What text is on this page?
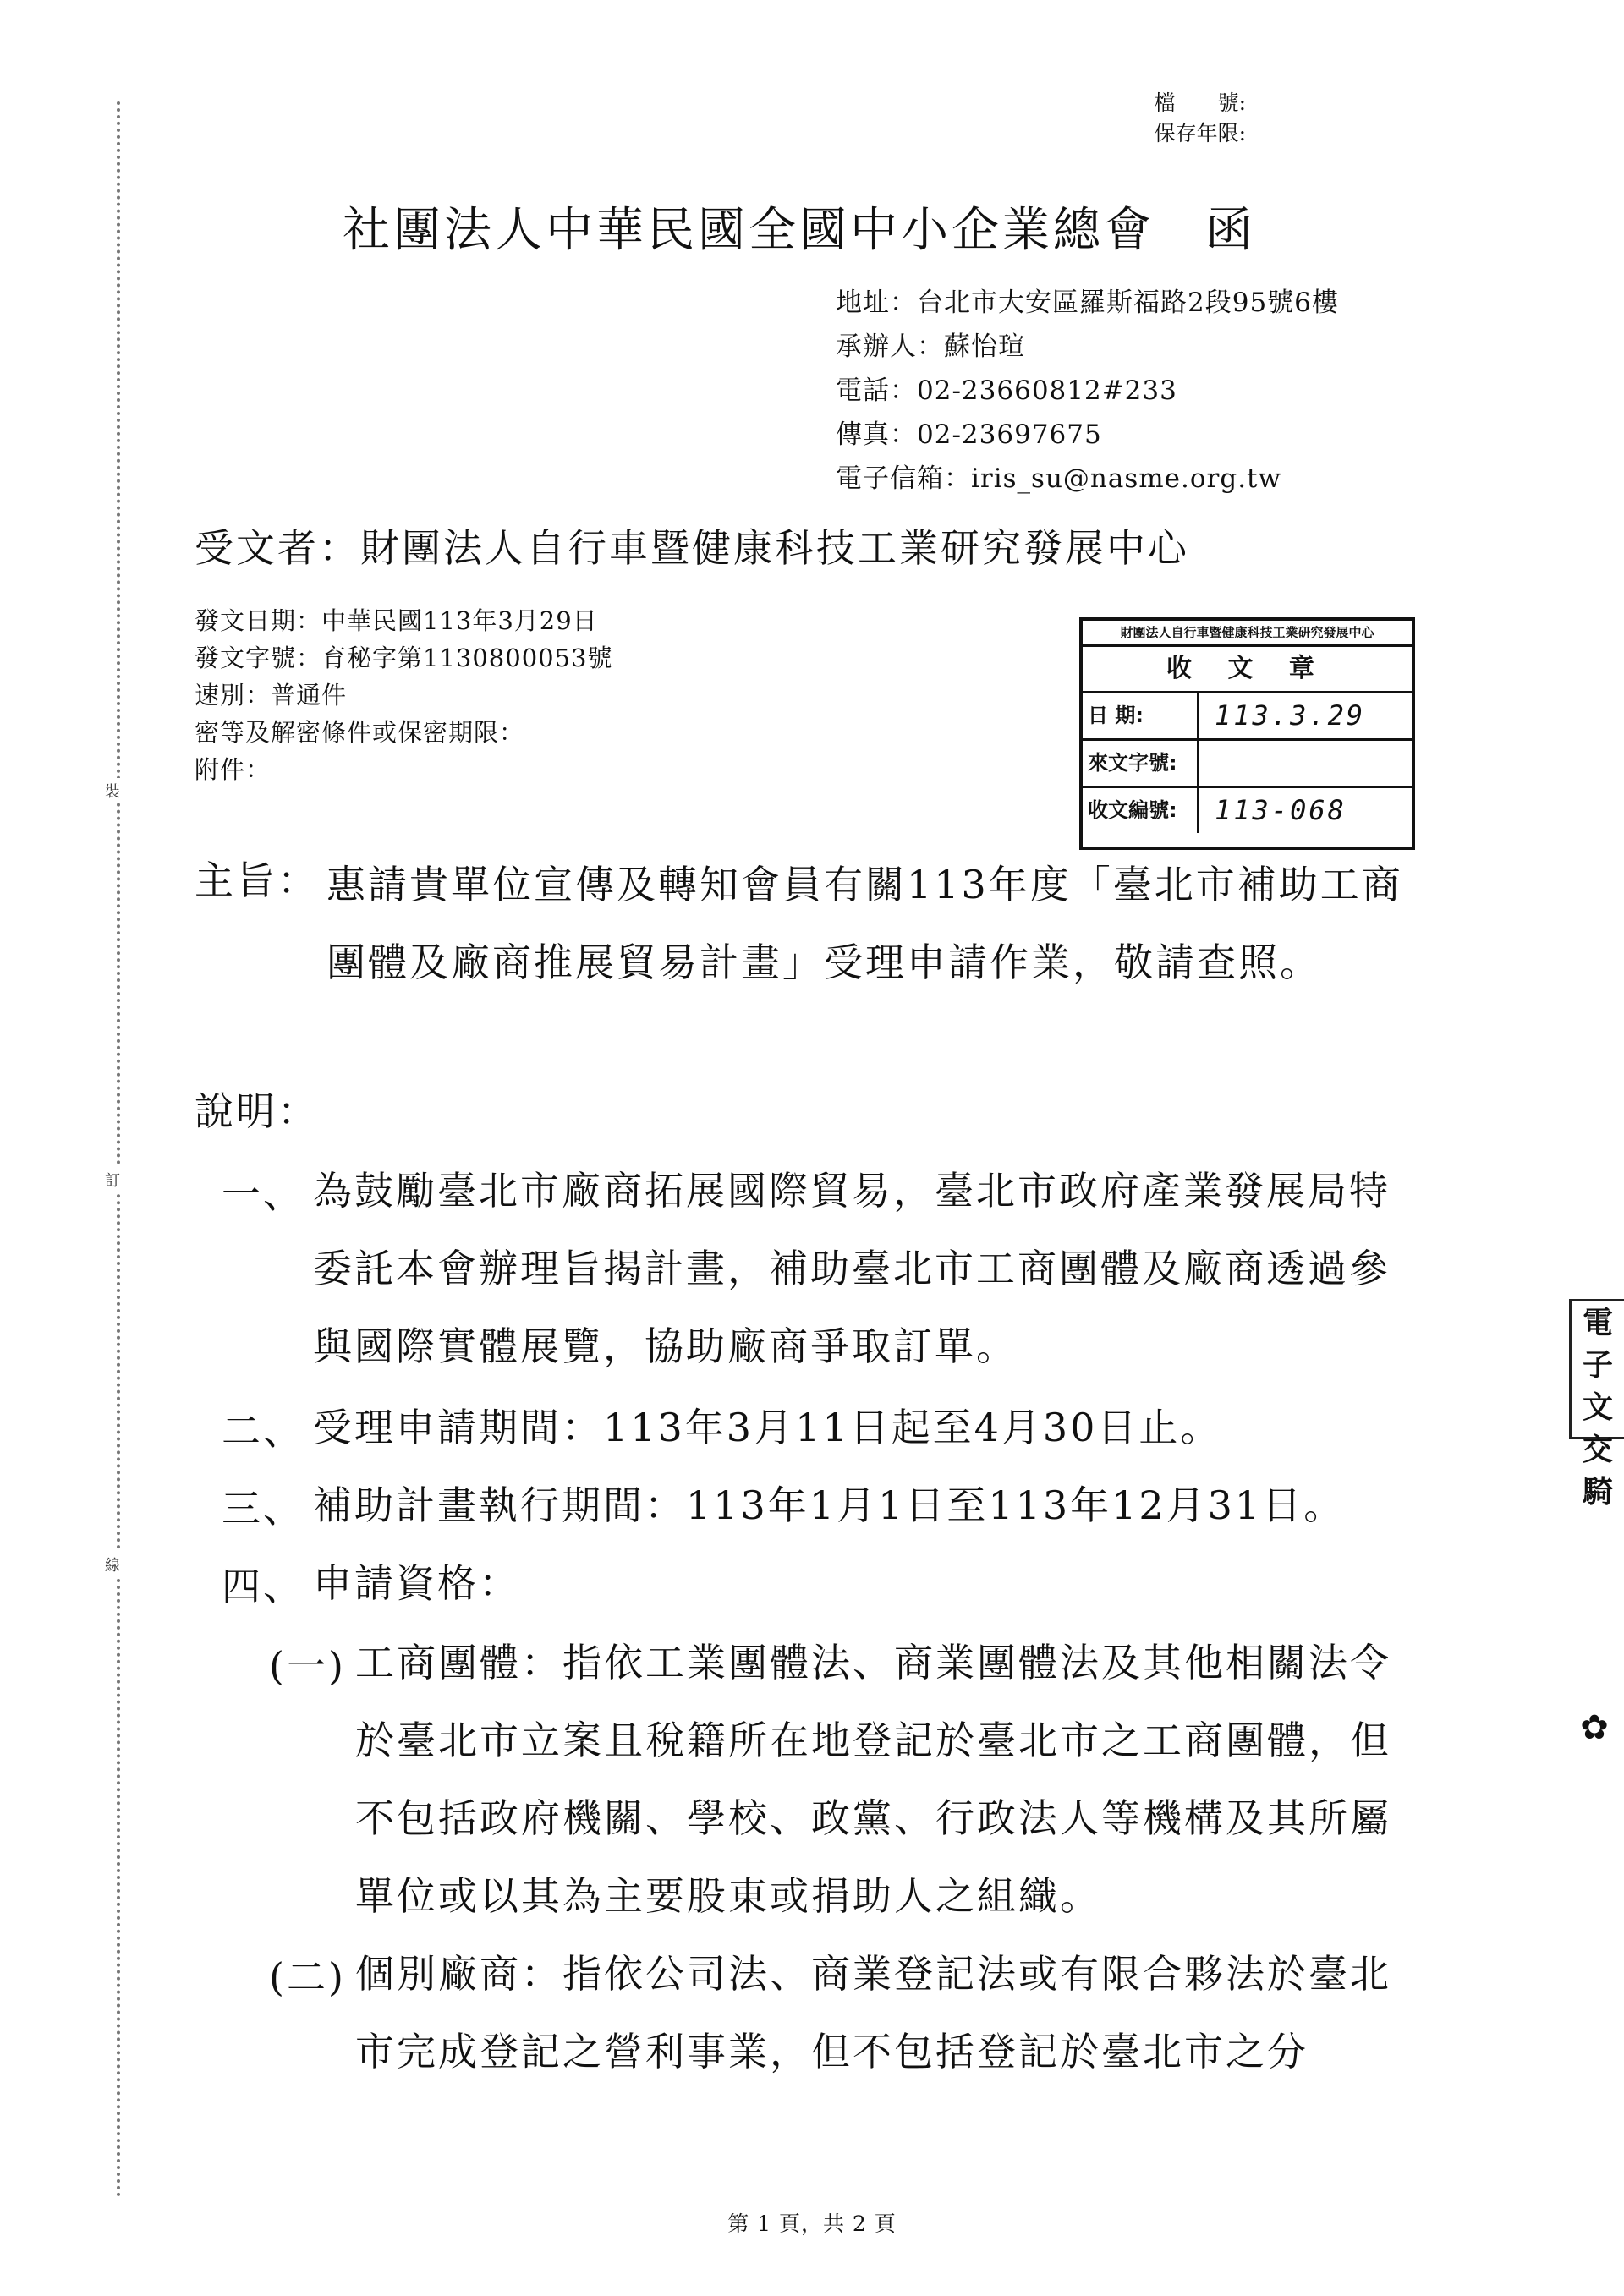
裝
訂
線
檔　　號:
保存年限:
社團法人中華民國全國中小企業總會　函
地址：台北市大安區羅斯福路2段95號6樓
承辦人：蘇怡瑄
電話：02-23660812#233
傳真：02-23697675
電子信箱：iris_su@nasme.org.tw
受文者：財團法人自行車暨健康科技工業研究發展中心
發文日期：中華民國113年3月29日
發文字號：育秘字第1130800053號
速別：普通件
密等及解密條件或保密期限：
附件：
財團法人自行車暨健康科技工業研究發展中心
收 文 章
日 期:	113.3.29
來文字號:
收文編號:	113-068
主旨： 惠請貴單位宣傳及轉知會員有關113年度「臺北市補助工商團體及廠商推展貿易計畫」受理申請作業，敬請查照。
說明：
一、 為鼓勵臺北市廠商拓展國際貿易，臺北市政府產業發展局特委託本會辦理旨揭計畫，補助臺北市工商團體及廠商透過參與國際實體展覽，協助廠商爭取訂單。
二、 受理申請期間：113年3月11日起至4月30日止。
三、 補助計畫執行期間：113年1月1日至113年12月31日。
四、 申請資格：
(一) 工商團體：指依工業團體法、商業團體法及其他相關法令於臺北市立案且稅籍所在地登記於臺北市之工商團體，但不包括政府機關、學校、政黨、行政法人等機構及其所屬單位或以其為主要股東或捐助人之組織。
(二) 個別廠商：指依公司法、商業登記法或有限合夥法於臺北市完成登記之營利事業，但不包括登記於臺北市之分
電子
文交
騎
✿
第 1 頁，共 2 頁
